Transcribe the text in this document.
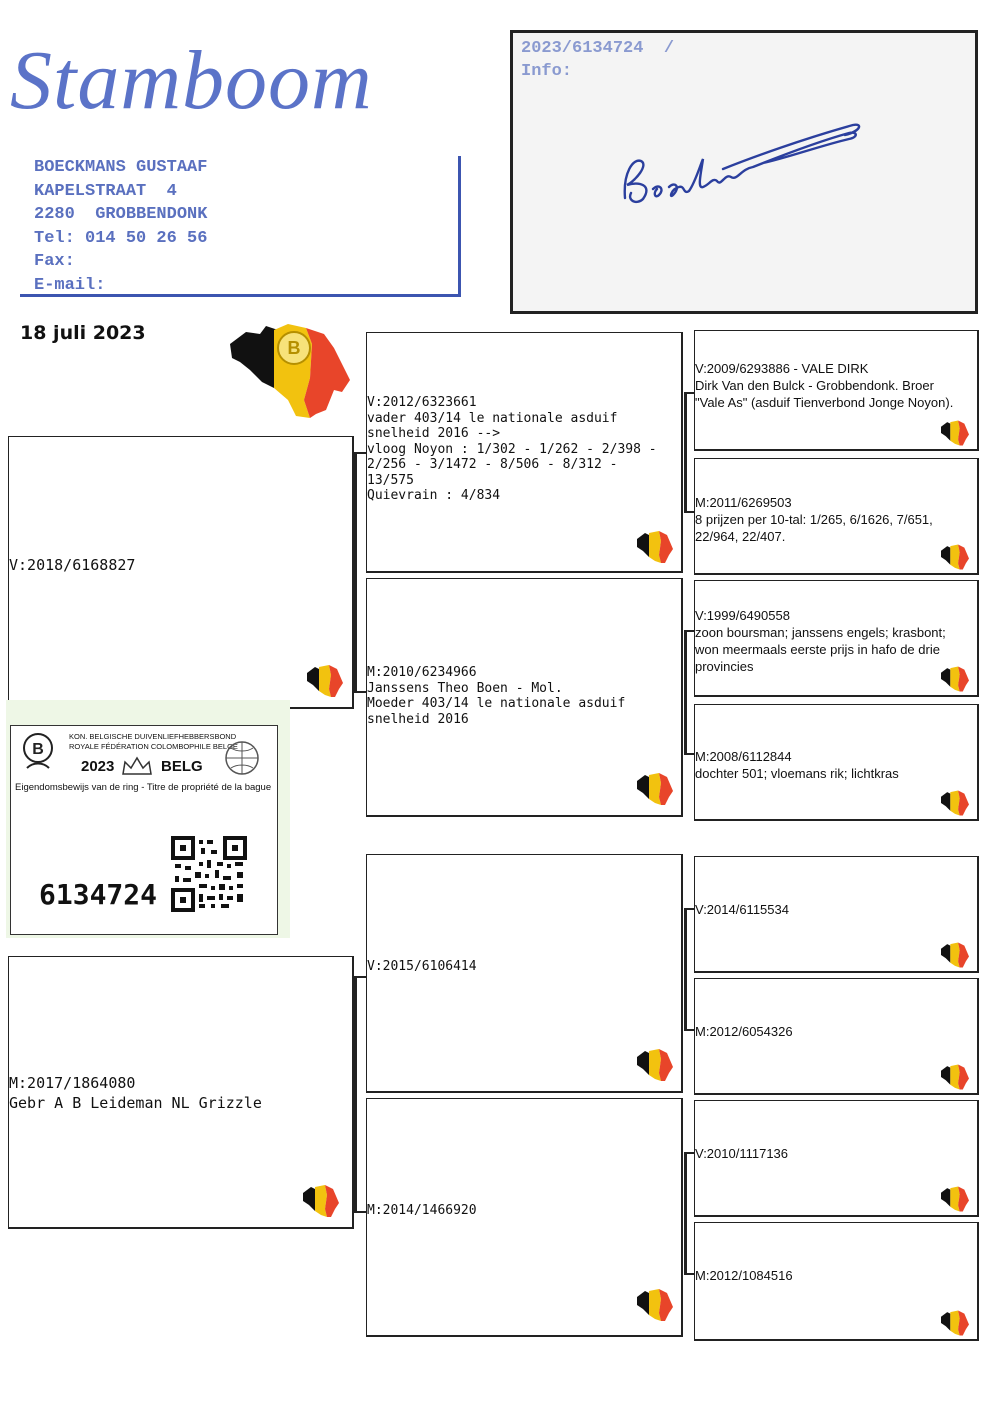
Stamboom
BOECKMANS GUSTAAF
KAPELSTRAAT  4
2280  GROBBENDONK
Tel: 014 50 26 56
Fax:
E-mail:
2023/6134724  /
Info:
18 juli 2023
B
V:2018/6168827
M:2017/1864080
Gebr A B Leideman NL Grizzle
V:2012/6323661
vader 403/14 le nationale asduif
snelheid 2016 -->
vloog Noyon : 1/302 - 1/262 - 2/398 -
2/256 - 3/1472 - 8/506 - 8/312 -
13/575
Quievrain : 4/834
M:2010/6234966
Janssens Theo Boen - Mol.
Moeder 403/14 le nationale asduif
snelheid 2016
V:2015/6106414
M:2014/1466920
V:2009/6293886 - VALE DIRK
Dirk Van den Bulck - Grobbendonk. Broer
"Vale As" (asduif Tienverbond Jonge Noyon).
M:2011/6269503
8 prijzen per 10-tal: 1/265, 6/1626, 7/651,
22/964, 22/407.
V:1999/6490558
zoon boursman; janssens engels; krasbont;
won meermaals eerste prijs in hafo de drie
provincies
M:2008/6112844
dochter 501; vloemans rik; lichtkras
V:2014/6115534
M:2012/6054326
V:2010/1117136
M:2012/1084516
B
KON. BELGISCHE DUIVENLIEFHEBBERSBOND
ROYALE FÉDÉRATION COLOMBOPHILE BELGE
2023	BELG
Eigendomsbewijs van de ring - Titre de propriété de la bague
6134724
